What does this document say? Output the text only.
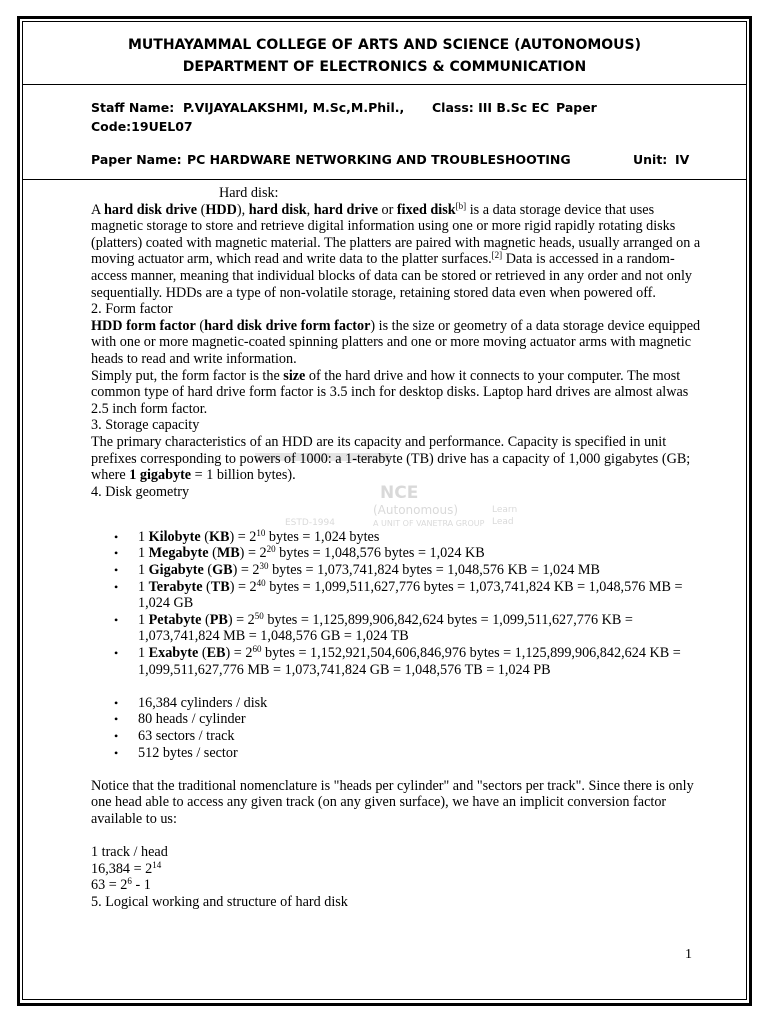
MUTHAYAMMAL COLLEGE OF ARTS AND SCIENCE (AUTONOMOUS)
DEPARTMENT OF ELECTRONICS & COMMUNICATION
Staff Name: P.VIJAYALAKSHMI, M.Sc,M.Phil., Class: III B.Sc EC Paper
Code:19UEL07
Paper Name: PC HARDWARE NETWORKING AND TROUBLESHOOTING	Unit: IV
NCE
(Autonomous)
ESTD-1994	A UNIT OF VANETRA GROUP
Learn
Lead

Hard disk:

A hard disk drive (HDD), hard disk, hard drive or fixed disk[b] is a data storage device that uses magnetic storage to store and retrieve digital information using one or more rigid rapidly rotating disks (platters) coated with magnetic material. The platters are paired with magnetic heads, usually arranged on a moving actuator arm, which read and write data to the platter surfaces.[2] Data is accessed in a random-access manner, meaning that individual blocks of data can be stored or retrieved in any order and not only sequentially. HDDs are a type of non-volatile storage, retaining stored data even when powered off.

2. Form factor

HDD form factor (hard disk drive form factor) is the size or geometry of a data storage device equipped with one or more magnetic-coated spinning platters and one or more moving actuator arms with magnetic heads to read and write information.

Simply put, the form factor is the size of the hard drive and how it connects to your computer. The most common type of hard drive form factor is 3.5 inch for desktop disks. Laptop hard drives are almost alwas 2.5 inch form factor.

3. Storage capacity

The primary characteristics of an HDD are its capacity and performance. Capacity is specified in unit prefixes corresponding to powers of 1000: a 1-terabyte (TB) drive has a capacity of 1,000 gigabytes (GB; where 1 gigabyte = 1 billion bytes).

4. Disk geometry

• 1 Kilobyte $(KB) = 2^{10}$ bytes = 1,024 bytes
• 1 Megabyte $(MB) = 2^{20}$ bytes = 1,048,576 bytes = 1,024 KB
• 1 Gigabyte $(GB) = 2^{30}$ bytes = 1,073,741,824 bytes = 1,048,576 KB = 1,024 MB
• 1 Terabyte $(TB) = 2^{40}$ bytes = 1,099,511,627,776 bytes = 1,073,741,824 KB = 1,048,576 MB = 1,024 GB
• 1 Petabyte $(PB) = 2^{50}$ bytes = 1,125,899,906,842,624 bytes = 1,099,511,627,776 KB = 1,073,741,824 MB = 1,048,576 GB = 1,024 TB
• 1 Exabyte $(EB) = 2^{60}$ bytes = 1,152,921,504,606,846,976 bytes = 1,125,899,906,842,624 KB = 1,099,511,627,776 MB = 1,073,741,824 GB = 1,048,576 TB = 1,024 PB
• 16,384 cylinders / disk
• 80 heads / cylinder
• 63 sectors / track
• 512 bytes / sector

Notice that the traditional nomenclature is "heads per cylinder" and "sectors per track". Since there is only one head able to access any given track (on any given surface), we have an implicit conversion factor available to us:

1 track / head

$16,384 = 2^{14}$

$63 = 2^6 - 1$

5. Logical working and structure of hard disk

1
